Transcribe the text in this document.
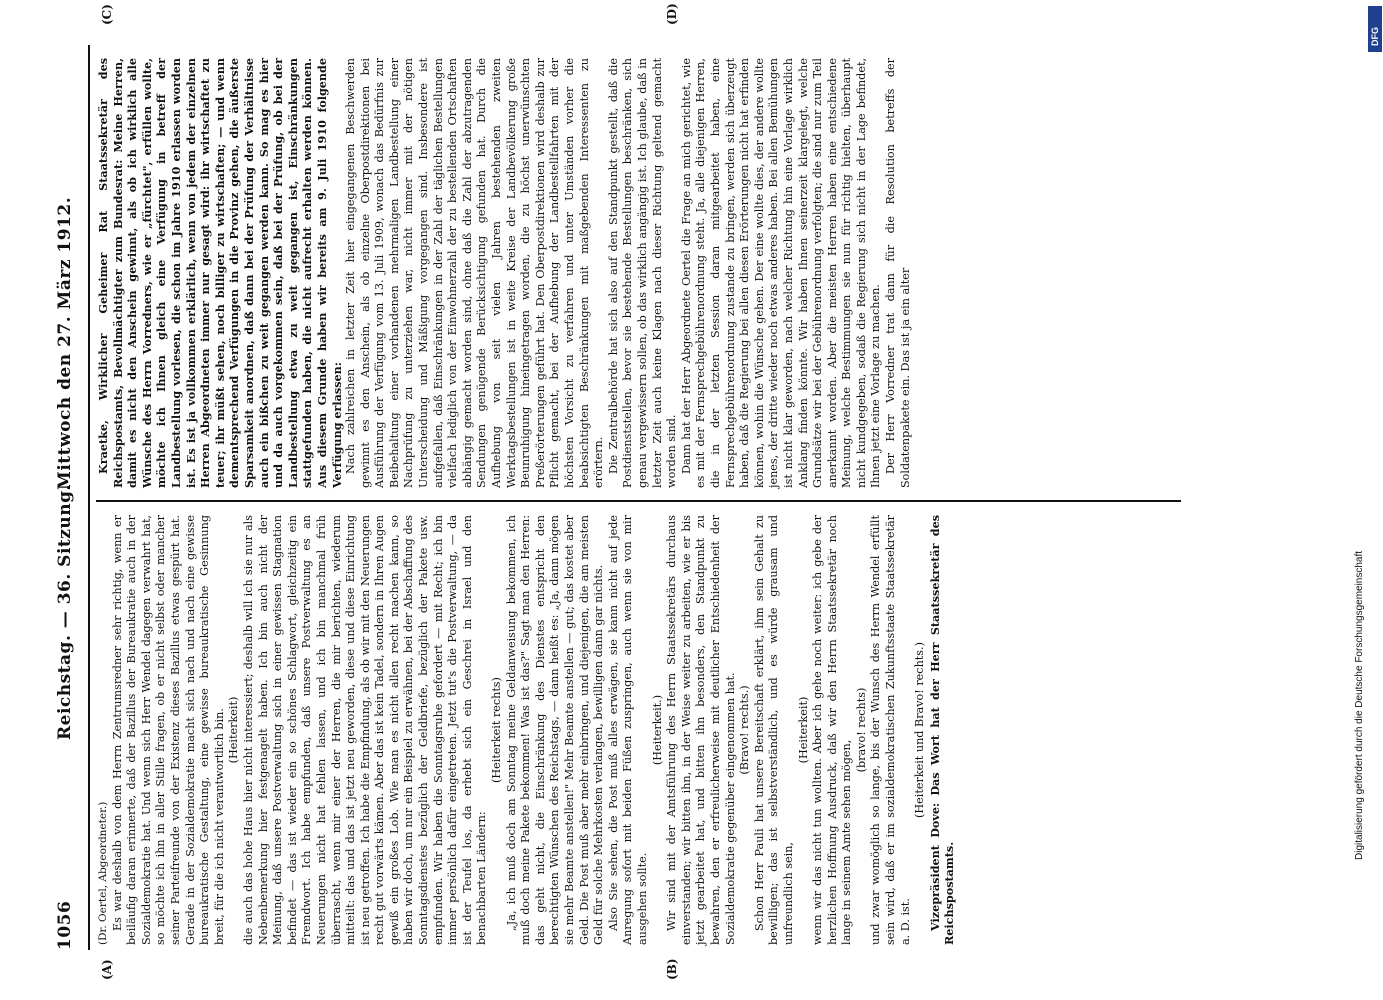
1056
Reichstag. — 36. Sitzung.
Mittwoch den 27. März 1912.
(A)	(B)
(C)	(D)

(Dr. Oertel, Abgeordneter.) Es war deshalb von dem Herrn Zentrumsredner sehr richtig, wenn er beiläufig daran erinnerte, daß der Bazillus der Bureaukratie auch in der Sozialdemokratie hat. Und wenn sich Herr Wendel dagegen verwahrt hat, so möchte ich ihn in aller Stille fragen, ob er nicht selbst oder mancher seiner Parteifreunde von der Existenz dieses Bazillus etwas gespürt hat. Gerade in der Sozialdemokratie macht sich nach und nach eine gewisse bureaukratische Gestaltung, eine gewisse bureaukratische Gesinnung breit, für die ich nicht verantwortlich bin. (Heiterkeit) die auch das hohe Haus hier nicht interessiert; deshalb will ich sie nur als Nebenbemerkung hier festgenagelt haben. Ich bin auch nicht der Meinung, daß unsere Postverwaltung sich in einer gewissen Stagnation befindet — das ist wieder ein so schönes Schlagwort, gleichzeitig ein Fremdwort. Ich habe empfunden, daß unsere Postverwaltung es an Neuerungen nicht hat fehlen lassen, und ich bin manchmal früh überrascht, wenn mir einer der Herren, die mir berichten, wiederum mitteilt: das und das ist jetzt neu geworden, diese und diese Einrichtung ist neu getroffen. Ich habe die Empfindung, als ob wir mit den Neuerungen recht gut vorwärts kämen. Aber das ist kein Tadel, sondern in Ihren Augen gewiß ein großes Lob. Wie man es nicht allen recht machen kann, so haben wir doch, um nur ein Beispiel zu erwähnen, bei der Abschaffung des Sonntagsdienstes bezüglich der Geldbriefe, bezüglich der Pakete usw. empfunden. Wir haben die Sonntagsruhe gefordert — mit Recht; ich bin immer persönlich dafür eingetreten. Jetzt tut's die Postverwaltung, — da ist der Teufel los, da erhebt sich ein Geschrei in Israel und den benachbarten Ländern:

(Heiterkeit rechts) „Ja, ich muß doch am Sonntag meine Geldanweisung bekommen, ich muß doch meine Pakete bekommen! Was ist das?" Sagt man den Herren: das geht nicht, die Einschränkung des Dienstes entspricht den berechtigten Wünschen des Reichstags, — dann heißt es: „Ja, dann mögen sie mehr Beamte anstellen!" Mehr Beamte anstellen — gut; das kostet aber Geld. Die Post muß aber mehr einbringen, und diejenigen, die am meisten Geld für solche Mehrkosten verlangen, bewilligen dann gar nichts. Also Sie sehen, die Post muß alles erwägen, sie kann nicht auf jede Anregung sofort mit beiden Füßen zuspringen, auch wenn sie von mir ausgehen sollte.

(Heiterkeit.) Wir sind mit der Amtsführung des Herrn Staatssekretärs durchaus einverstanden; wir bitten ihn, in der Weise weiter zu arbeiten, wie er bis jetzt gearbeitet hat, und bitten ihn besonders, den Standpunkt zu bewahren, den er erfreulicherweise mit deutlicher Entschiedenheit der Sozialdemokratie gegenüber eingenommen hat. (Bravo! rechts.) Schon Herr Pauli hat unsere Bereitschaft erklärt, ihm sein Gehalt zu bewilligen; das ist selbstverständlich, und es würde grausam und unfreundlich sein,

(Heiterkeit) wenn wir das nicht tun wollten. Aber ich gehe noch weiter: ich gebe der herzlichen Hoffnung Ausdruck, daß wir den Herrn Staatssekretär noch lange in seinem Amte sehen mögen,

(bravo! rechts) und zwar womöglich so lange, bis der Wunsch des Herrn Wendel erfüllt sein wird, daß er im sozialdemokratischen Zukunftsstaate Staatssekretär a. D. ist.

(Heiterkeit und Bravo! rechts.) Vizepräsident Dove: Das Wort hat der Herr Staatssekretär des Reichspostamts.

Kraetke, Wirklicher Geheimer Rat Staatssekretär des Reichspostamts, Bevollmächtigter zum Bundesrat: Meine Herren, damit es nicht den Anschein gewinnt, als ob ich wirklich alle Wünsche des Herrn Vorredners, wie er „fürchtet", erfüllen wollte, möchte ich Ihnen gleich eine Verfügung in betreff der Landbestellung vorlesen, die schon im Jahre 1910 erlassen worden ist. Es ist ja vollkommen erklärlich, wenn von jedem der einzelnen Herren Abgeordneten immer nur gesagt wird: ihr wirtschaftet zu teuer; ihr müßt sehen, noch billiger zu wirtschaften; — und wenn dementsprechend Verfügungen in die Provinz gehen, die äußerste Sparsamkeit anordnen, daß dann bei der Prüfung der Verhältnisse auch ein bißchen zu weit gegangen werden kann. So mag es hier und da auch vorgekommen sein, daß bei der Prüfung, ob bei der Landbestellung etwa zu weit gegangen ist, Einschränkungen stattgefunden haben, die nicht aufrecht erhalten werden können. Aus diesem Grunde haben wir bereits am 9. Juli 1910 folgende Verfügung erlassen: Nach zahlreichen in letzter Zeit hier eingegangenen Beschwerden gewinnt es den Anschein, als ob einzelne Oberpostdirektionen bei Ausführung der Verfügung vom 13. Juli 1909, wonach das Bedürfnis zur Beibehaltung einer vorhandenen mehrmaligen Landbestellung einer Nachprüfung zu unterziehen war, nicht immer mit der nötigen Unterscheidung und Mäßigung vorgegangen sind. Insbesondere ist aufgefallen, daß Einschränkungen in der Zahl der täglichen Bestellungen vielfach lediglich von der Einwohnerzahl der zu bestellenden Ortschaften abhängig gemacht worden sind, ohne daß die Zahl der abzutragenden Sendungen genügende Berücksichtigung gefunden hat. Durch die Aufhebung von seit vielen Jahren bestehenden zweiten Werktagsbestellungen ist in weite Kreise der Landbevölkerung große Beunruhigung hineingetragen worden, die zu höchst unerwünschten Preßerörterungen geführt hat. Den Oberpostdirektionen wird deshalb zur Pflicht gemacht, bei der Aufhebung der Landbestellfahrten mit der höchsten Vorsicht zu verfahren und unter Umständen vorher die beabsichtigten Beschränkungen mit maßgebenden Interessenten zu erörtern. Die Zentralbehörde hat sich also auf den Standpunkt gestellt, daß die Postdienststellen, bevor sie bestehende Bestellungen beschränken, sich genau vergewissern sollen, ob das wirklich angängig ist. Ich glaube, daß in letzter Zeit auch keine Klagen nach dieser Richtung geltend gemacht worden sind. Dann hat der Herr Abgeordnete Oertel die Frage an mich gerichtet, wie es mit der Fernsprechgebührenordnung steht. Ja, alle diejenigen Herren, die in der letzten Session daran mitgearbeitet haben, eine Fernsprechgebührenordnung zustande zu bringen, werden sich überzeugt haben, daß die Regierung bei allen diesen Erörterungen nicht hat erfinden können, wohin die Wünsche gehen. Der eine wollte dies, der andere wollte jenes, der dritte wieder noch etwas anderes haben. Bei allen Bemühungen ist nicht klar geworden, nach welcher Richtung hin eine Vorlage wirklich Anklang finden könnte. Wir haben Ihnen seinerzeit klargelegt, welche Grundsätze wir bei der Gebührenordnung verfolgten; die sind nur zum Teil anerkannt worden. Aber die meisten Herren haben eine entschiedene Meinung, welche Bestimmungen sie nun für richtig hielten, überhaupt nicht kundgegeben, sodaß die Regierung sich nicht in der Lage befindet, Ihnen jetzt eine Vorlage zu machen. Der Herr Vorredner trat dann für die Resolution betreffs der Soldatenpakete ein. Das ist ja ein alter

Digitalisierung gefördert durch die Deutsche Forschungsgemeinschaft
DFG
